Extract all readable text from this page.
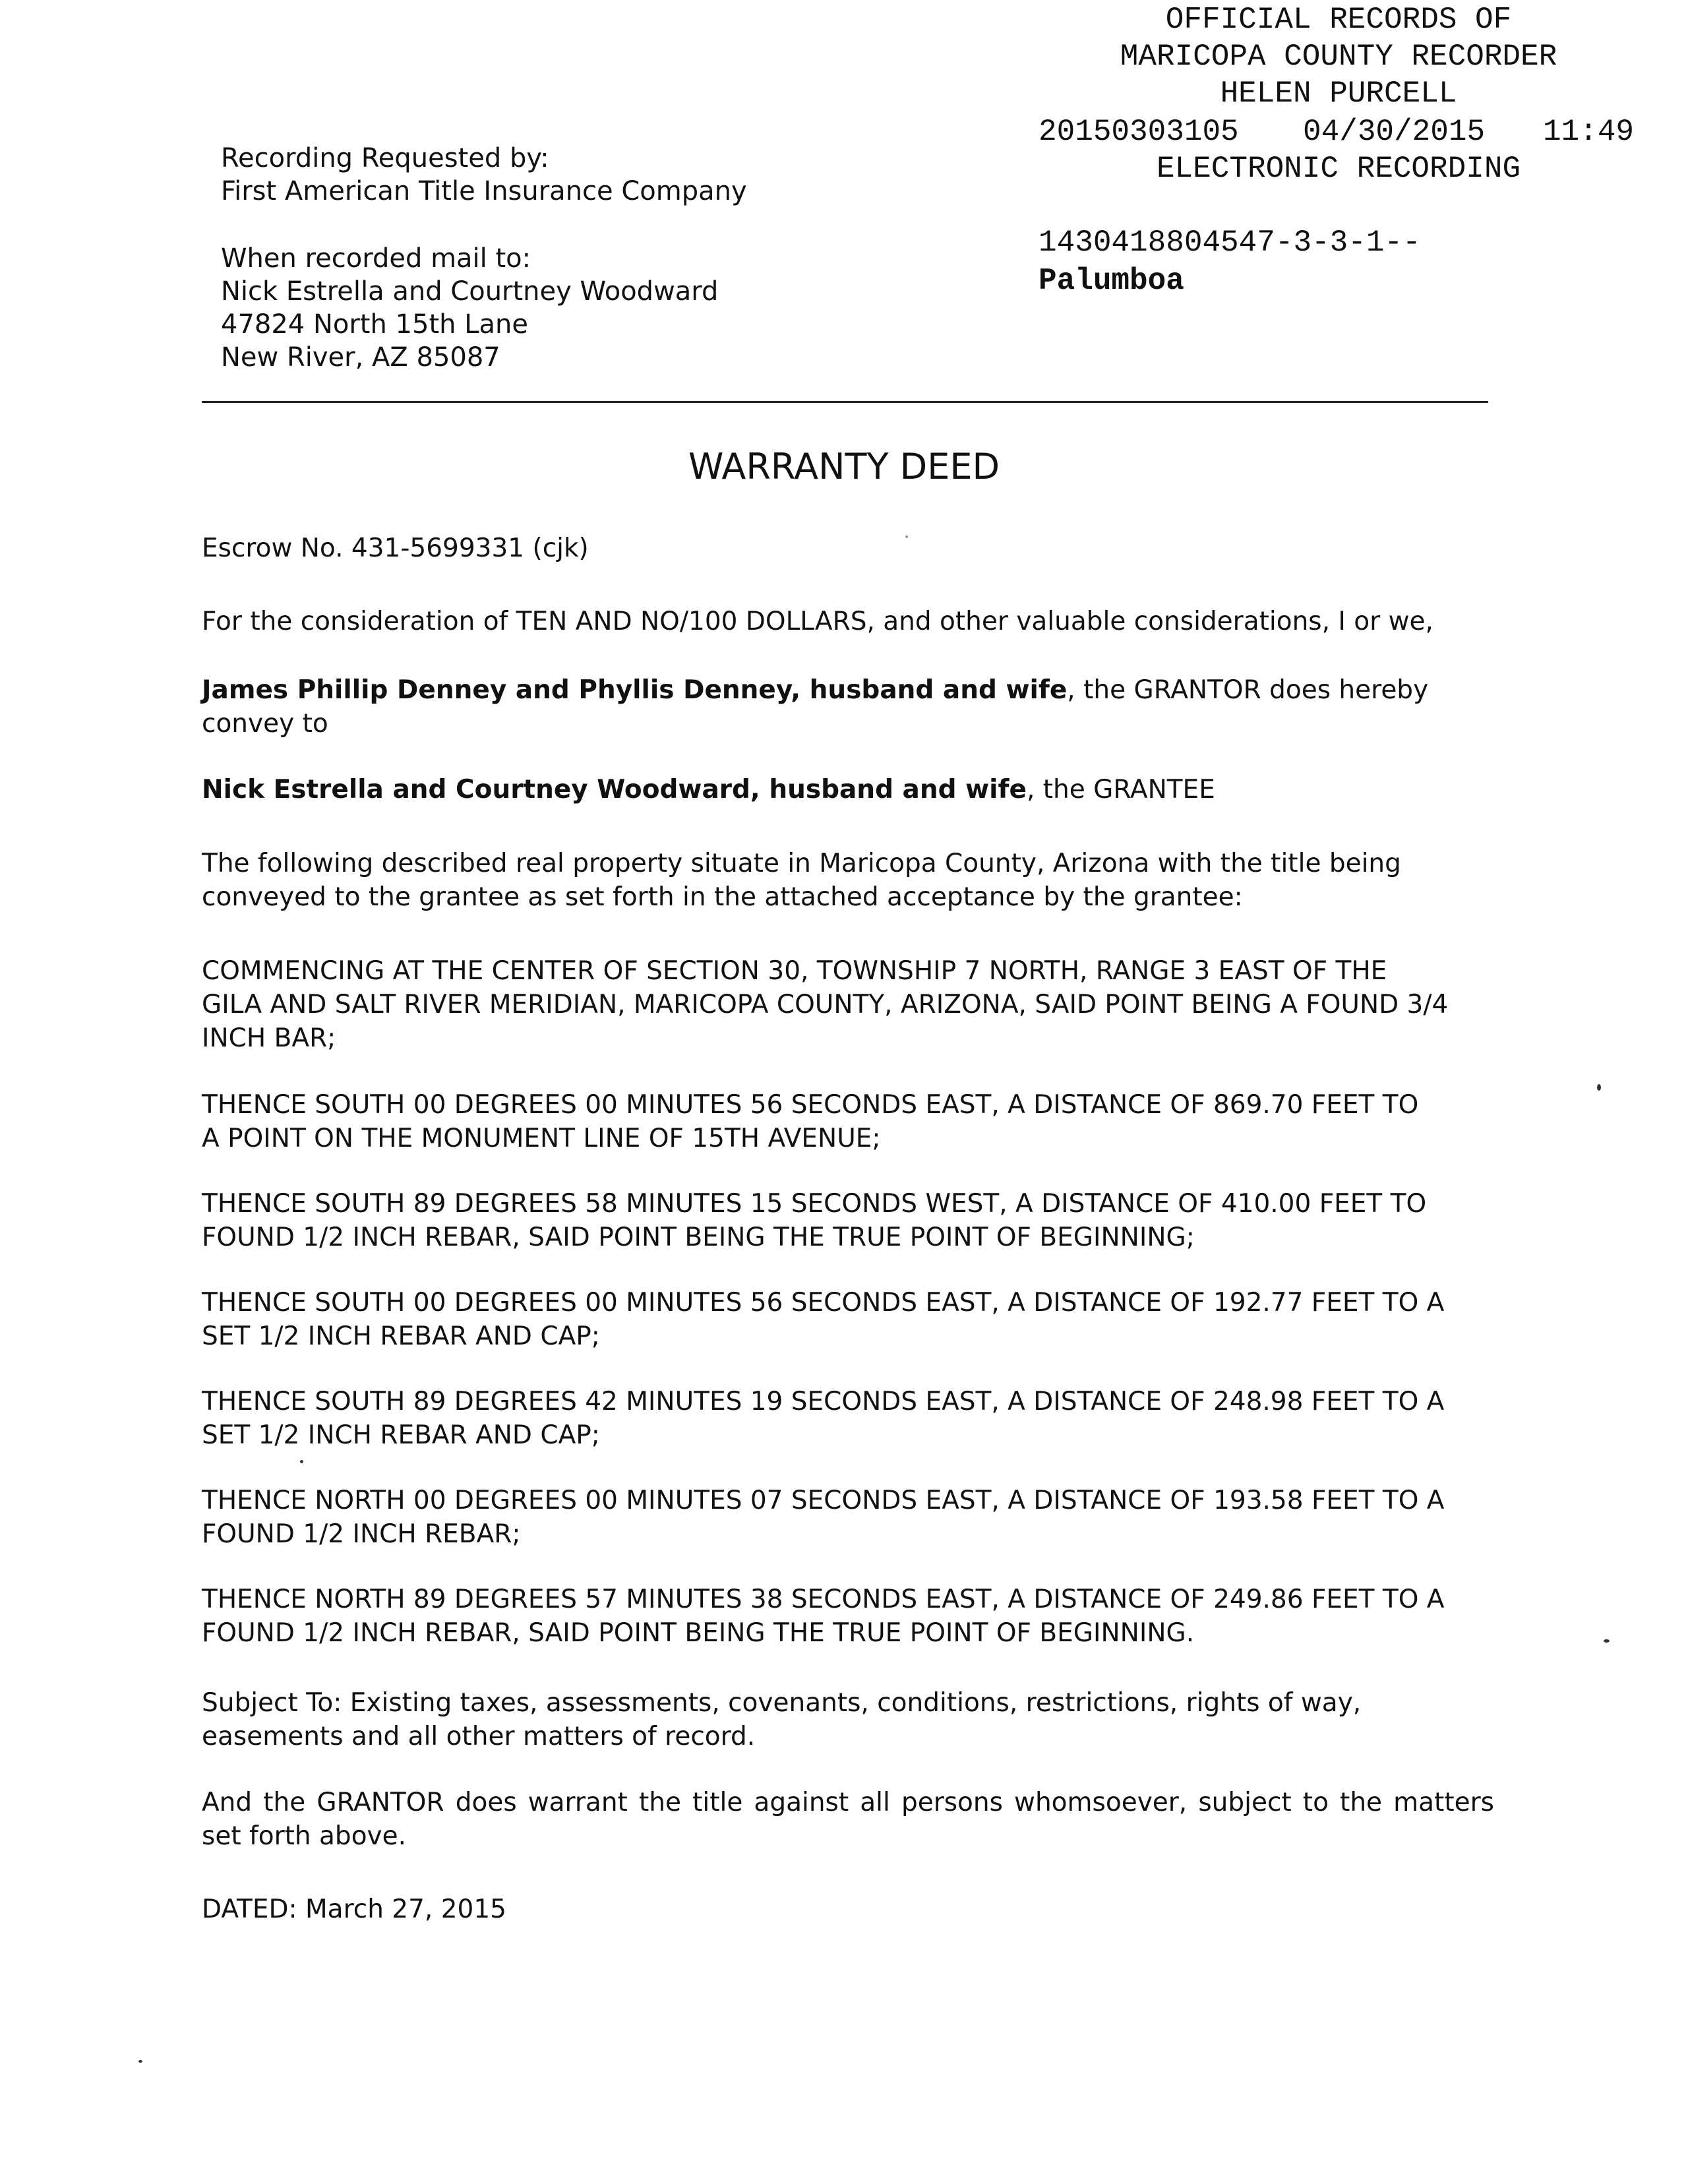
OFFICIAL RECORDS OF
MARICOPA COUNTY RECORDER
HELEN PURCELL
20150303105 04/30/2015 11:49
ELECTRONIC RECORDING
1430418804547-3-3-1--
Palumboa
Recording Requested by:
First American Title Insurance Company
When recorded mail to:
Nick Estrella and Courtney Woodward
47824 North 15th Lane
New River, AZ 85087
WARRANTY DEED
Escrow No. 431-5699331 (cjk)
For the consideration of TEN AND NO/100 DOLLARS, and other valuable considerations, I or we,
James Phillip Denney and Phyllis Denney, husband and wife, the GRANTOR does hereby convey to
Nick Estrella and Courtney Woodward, husband and wife, the GRANTEE
The following described real property situate in Maricopa County, Arizona with the title being conveyed to the grantee as set forth in the attached acceptance by the grantee:
COMMENCING AT THE CENTER OF SECTION 30, TOWNSHIP 7 NORTH, RANGE 3 EAST OF THE GILA AND SALT RIVER MERIDIAN, MARICOPA COUNTY, ARIZONA, SAID POINT BEING A FOUND 3/4 INCH BAR;
THENCE SOUTH 00 DEGREES 00 MINUTES 56 SECONDS EAST, A DISTANCE OF 869.70 FEET TO A POINT ON THE MONUMENT LINE OF 15TH AVENUE;
THENCE SOUTH 89 DEGREES 58 MINUTES 15 SECONDS WEST, A DISTANCE OF 410.00 FEET TO FOUND 1/2 INCH REBAR, SAID POINT BEING THE TRUE POINT OF BEGINNING;
THENCE SOUTH 00 DEGREES 00 MINUTES 56 SECONDS EAST, A DISTANCE OF 192.77 FEET TO A SET 1/2 INCH REBAR AND CAP;
THENCE SOUTH 89 DEGREES 42 MINUTES 19 SECONDS EAST, A DISTANCE OF 248.98 FEET TO A SET 1/2 INCH REBAR AND CAP;
THENCE NORTH 00 DEGREES 00 MINUTES 07 SECONDS EAST, A DISTANCE OF 193.58 FEET TO A FOUND 1/2 INCH REBAR;
THENCE NORTH 89 DEGREES 57 MINUTES 38 SECONDS EAST, A DISTANCE OF 249.86 FEET TO A FOUND 1/2 INCH REBAR, SAID POINT BEING THE TRUE POINT OF BEGINNING.
Subject To: Existing taxes, assessments, covenants, conditions, restrictions, rights of way, easements and all other matters of record.
And the GRANTOR does warrant the title against all persons whomsoever, subject to the matters set forth above.
DATED: March 27, 2015
